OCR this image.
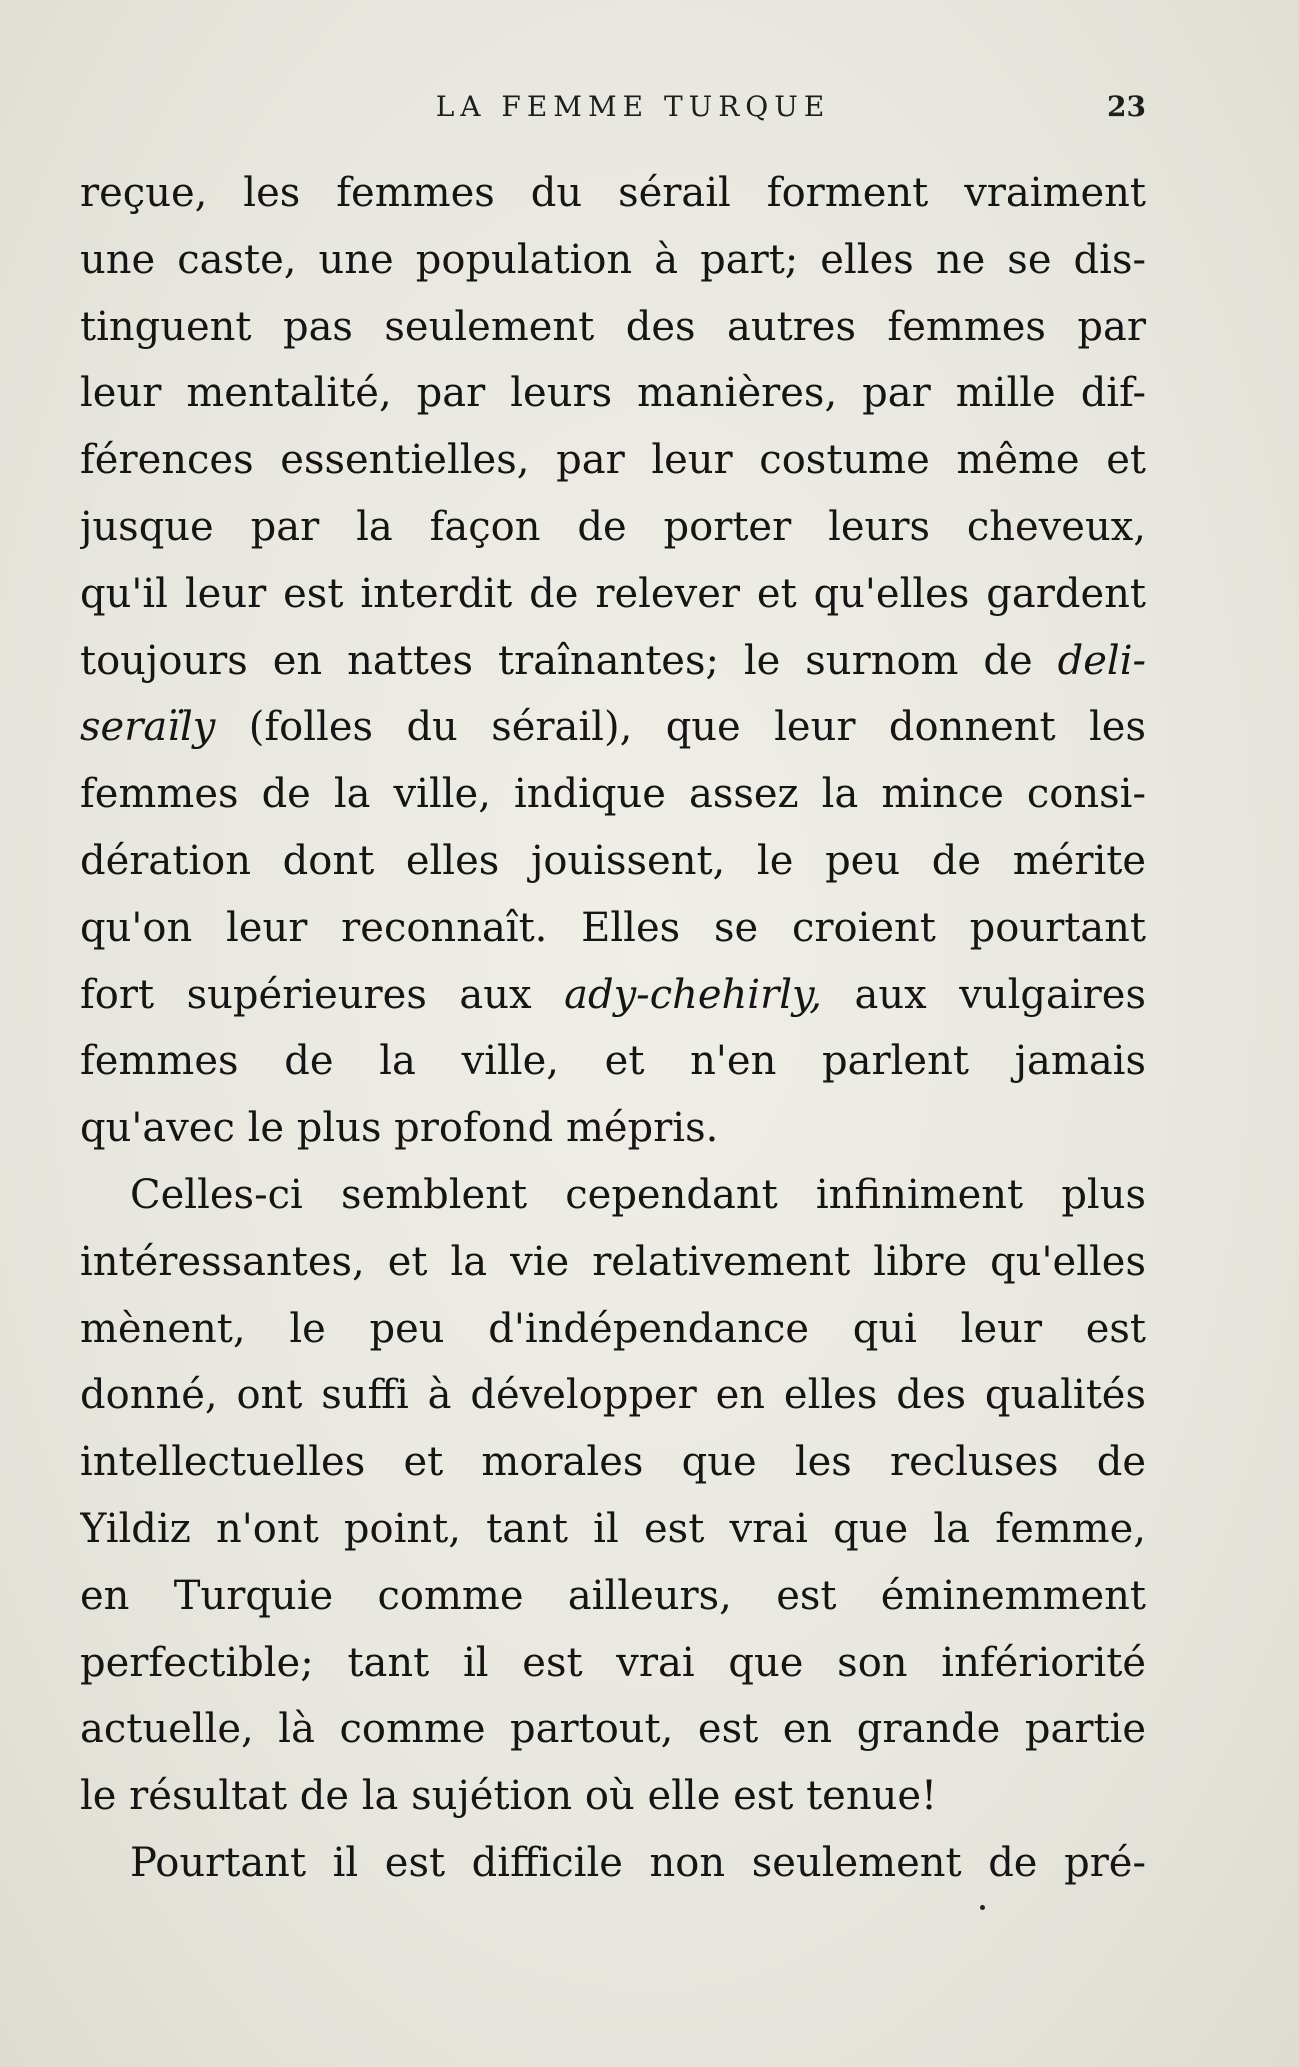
LA FEMME TURQUE	23
reçue, les femmes du sérail forment vraiment
une caste, une population à part; elles ne se dis-
tinguent pas seulement des autres femmes par
leur mentalité, par leurs manières, par mille dif-
férences essentielles, par leur costume même et
jusque par la façon de porter leurs cheveux,
qu'il leur est interdit de relever et qu'elles gardent
toujours en nattes traînantes; le surnom de deli-
seraïly (folles du sérail), que leur donnent les
femmes de la ville, indique assez la mince consi-
dération dont elles jouissent, le peu de mérite
qu'on leur reconnaît. Elles se croient pourtant
fort supérieures aux ady-chehirly, aux vulgaires
femmes de la ville, et n'en parlent jamais
qu'avec le plus profond mépris.
Celles-ci semblent cependant infiniment plus
intéressantes, et la vie relativement libre qu'elles
mènent, le peu d'indépendance qui leur est
donné, ont suffi à développer en elles des qualités
intellectuelles et morales que les recluses de
Yildiz n'ont point, tant il est vrai que la femme,
en Turquie comme ailleurs, est éminemment
perfectible; tant il est vrai que son infériorité
actuelle, là comme partout, est en grande partie
le résultat de la sujétion où elle est tenue!
Pourtant il est difficile non seulement de pré-
